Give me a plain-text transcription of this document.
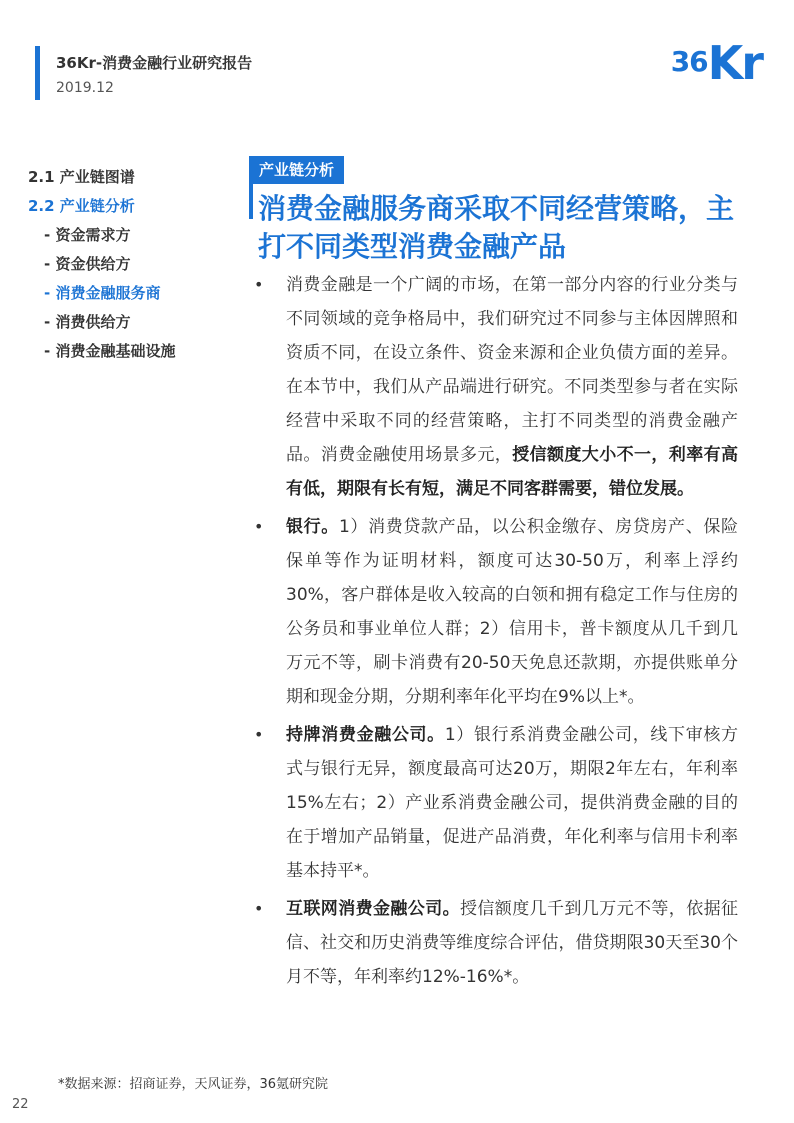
36Kr-消费金融行业研究报告
2019.12
36 Kr
2.1 产业链图谱
2.2 产业链分析
- 资金需求方
- 资金供给方
- 消费金融服务商
- 消费供给方
- 消费金融基础设施
产业链分析
消费金融服务商采取不同经营策略，主打不同类型消费金融产品
• 消费金融是一个广阔的市场，在第一部分内容的行业分类与不同领域的竞争格局中，我们研究过不同参与主体因牌照和资质不同，在设立条件、资金来源和企业负债方面的差异。在本节中，我们从产品端进行研究。不同类型参与者在实际经营中采取不同的经营策略，主打不同类型的消费金融产品。消费金融使用场景多元，授信额度大小不一，利率有高有低，期限有长有短，满足不同客群需要，错位发展。
• 银行。1）消费贷款产品，以公积金缴存、房贷房产、保险保单等作为证明材料，额度可达30-50万，利率上浮约30%，客户群体是收入较高的白领和拥有稳定工作与住房的公务员和事业单位人群；2）信用卡，普卡额度从几千到几万元不等，刷卡消费有20-50天免息还款期，亦提供账单分期和现金分期，分期利率年化平均在9%以上*。
• 持牌消费金融公司。1）银行系消费金融公司，线下审核方式与银行无异，额度最高可达20万，期限2年左右，年利率15%左右；2）产业系消费金融公司，提供消费金融的目的在于增加产品销量，促进产品消费，年化利率与信用卡利率基本持平*。
• 互联网消费金融公司。授信额度几千到几万元不等，依据征信、社交和历史消费等维度综合评估，借贷期限30天至30个月不等，年利率约12%-16%*。
*数据来源：招商证券，天风证券，36氪研究院
22
